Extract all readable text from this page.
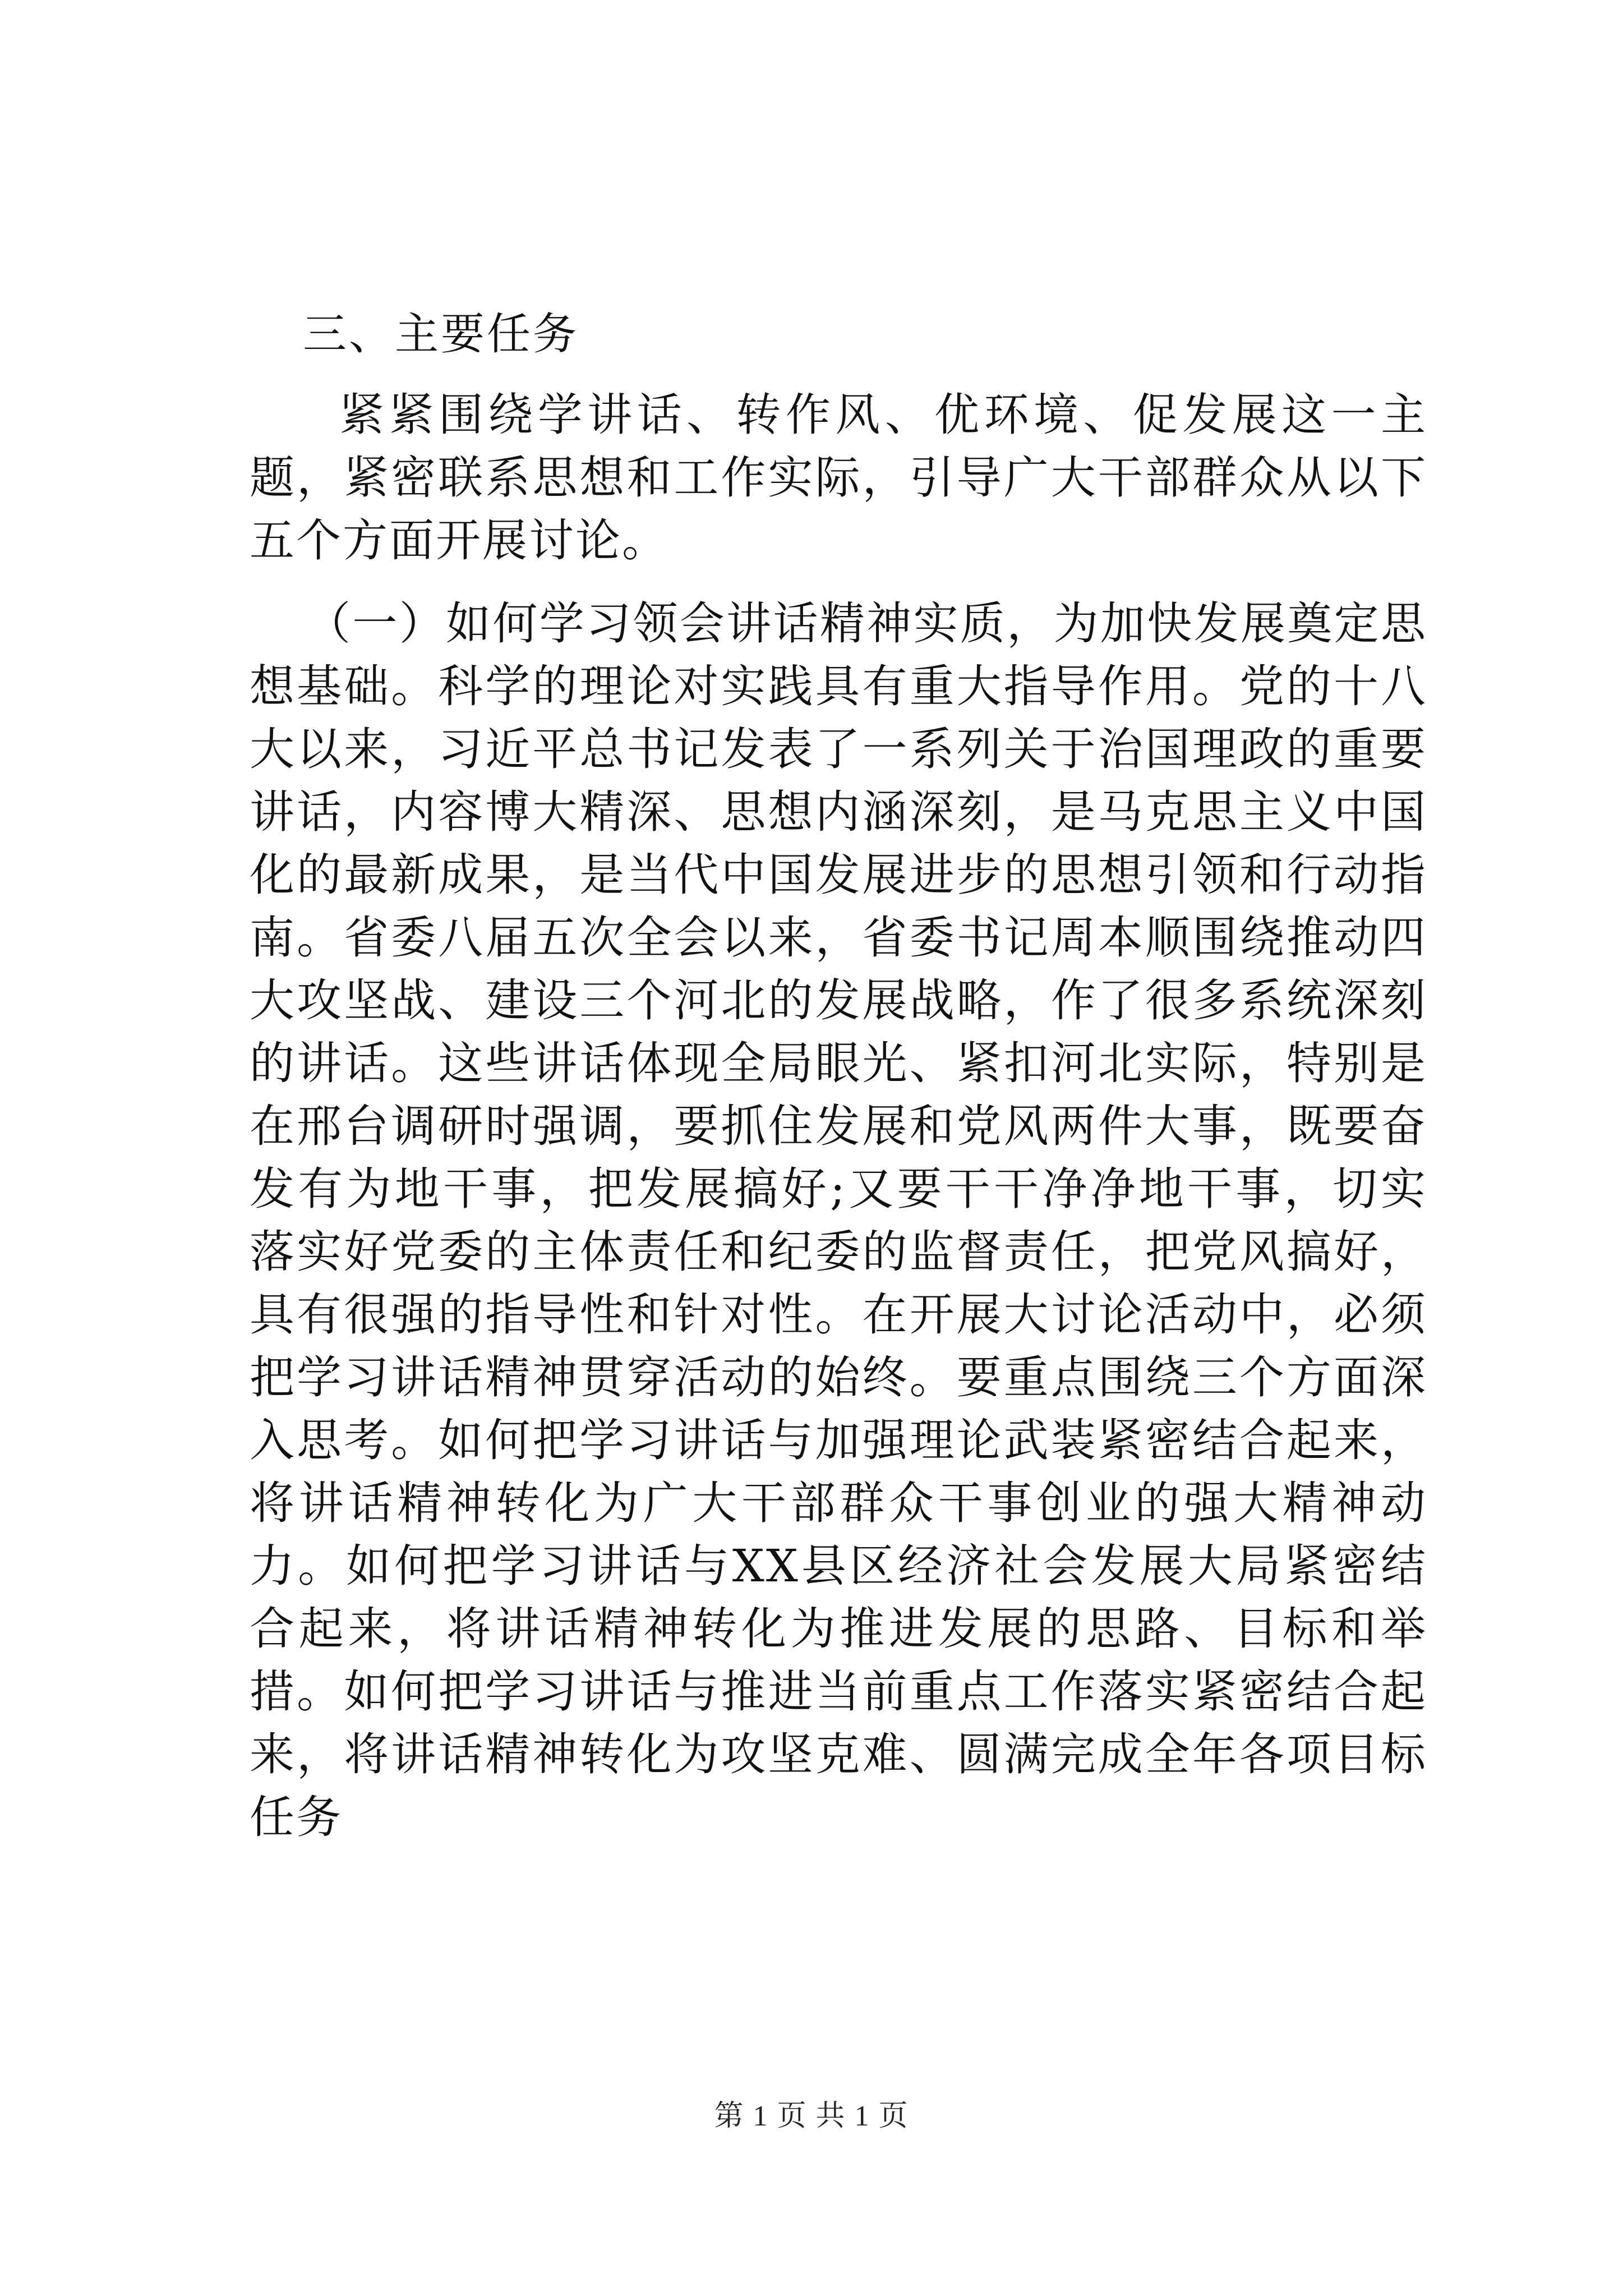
三、主要任务

紧紧围绕学讲话、转作风、优环境、促发展这一主题，紧密联系思想和工作实际，引导广大干部群众从以下五个方面开展讨论。

（一）如何学习领会讲话精神实质，为加快发展奠定思想基础。科学的理论对实践具有重大指导作用。党的十八大以来，习近平总书记发表了一系列关于治国理政的重要讲话，内容博大精深、思想内涵深刻，是马克思主义中国化的最新成果，是当代中国发展进步的思想引领和行动指南。省委八届五次全会以来，省委书记周本顺围绕推动四大攻坚战、建设三个河北的发展战略，作了很多系统深刻的讲话。这些讲话体现全局眼光、紧扣河北实际，特别是在邢台调研时强调，要抓住发展和党风两件大事，既要奋发有为地干事，把发展搞好;又要干干净净地干事，切实落实好党委的主体责任和纪委的监督责任，把党风搞好，具有很强的指导性和针对性。在开展大讨论活动中，必须把学习讲话精神贯穿活动的始终。要重点围绕三个方面深入思考。如何把学习讲话与加强理论武装紧密结合起来，将讲话精神转化为广大干部群众干事创业的强大精神动力。如何把学习讲话与XX县区经济社会发展大局紧密结合起来，将讲话精神转化为推进发展的思路、目标和举措。如何把学习讲话与推进当前重点工作落实紧密结合起来，将讲话精神转化为攻坚克难、圆满完成全年各项目标任务

第 1 页 共 1 页
